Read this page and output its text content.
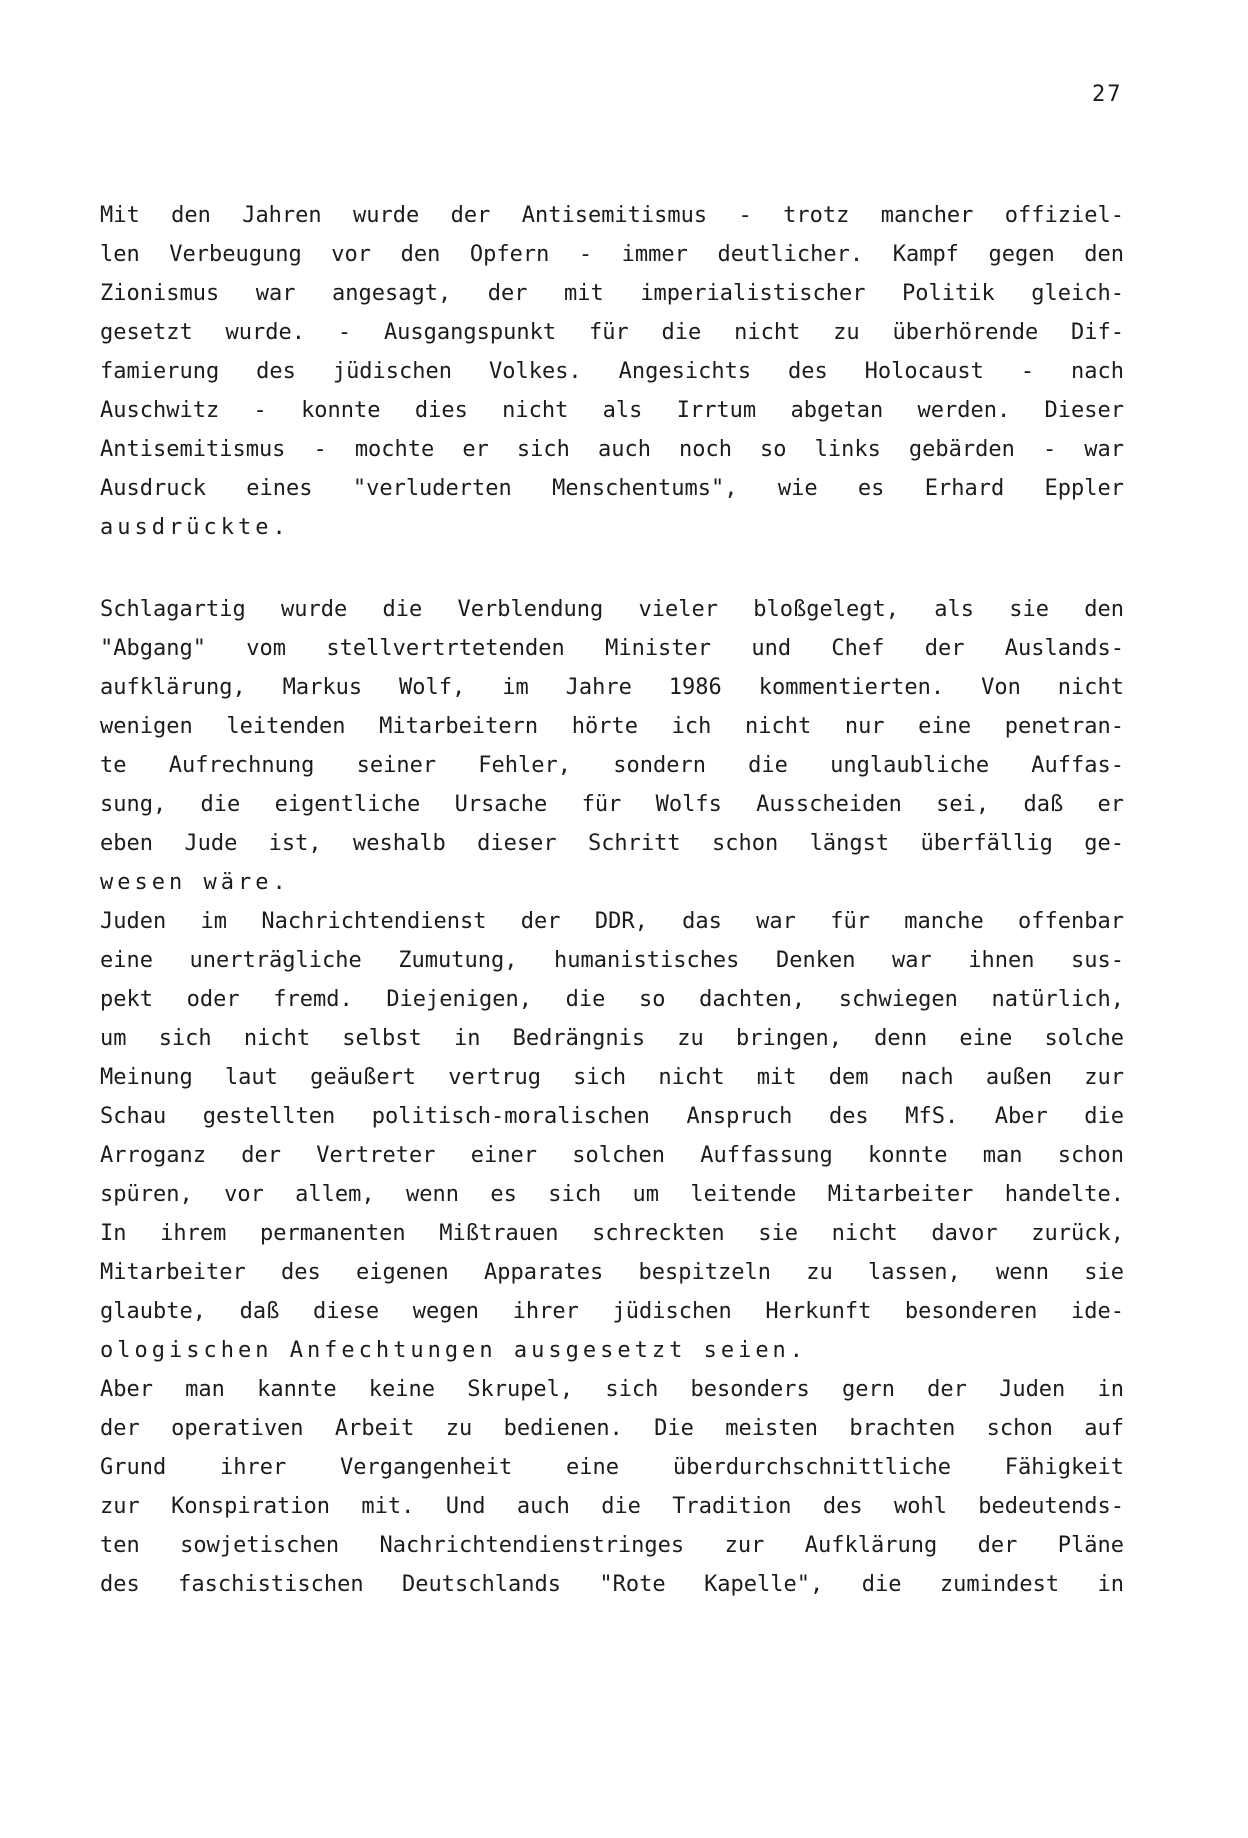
27
Mit den Jahren wurde der Antisemitismus - trotz mancher offiziel-
len Verbeugung vor den Opfern - immer deutlicher. Kampf gegen den
Zionismus war angesagt, der mit imperialistischer Politik gleich-
gesetzt wurde. - Ausgangspunkt für die nicht zu überhörende Dif-
famierung des jüdischen Volkes. Angesichts des Holocaust - nach
Auschwitz - konnte dies nicht als Irrtum abgetan werden. Dieser
Antisemitismus - mochte er sich auch noch so links gebärden - war
Ausdruck eines "verluderten Menschentums", wie es Erhard Eppler
ausdrückte.
Schlagartig wurde die Verblendung vieler bloßgelegt, als sie den
"Abgang" vom stellvertrtetenden Minister und Chef der Auslands-
aufklärung, Markus Wolf, im Jahre 1986 kommentierten. Von nicht
wenigen leitenden Mitarbeitern hörte ich nicht nur eine penetran-
te Aufrechnung seiner Fehler, sondern die unglaubliche Auffas-
sung, die eigentliche Ursache für Wolfs Ausscheiden sei, daß er
eben Jude ist, weshalb dieser Schritt schon längst überfällig ge-
wesen wäre.
Juden im Nachrichtendienst der DDR, das war für manche offenbar
eine unerträgliche Zumutung, humanistisches Denken war ihnen sus-
pekt oder fremd. Diejenigen, die so dachten, schwiegen natürlich,
um sich nicht selbst in Bedrängnis zu bringen, denn eine solche
Meinung laut geäußert vertrug sich nicht mit dem nach außen zur
Schau gestellten politisch-moralischen Anspruch des MfS. Aber die
Arroganz der Vertreter einer solchen Auffassung konnte man schon
spüren, vor allem, wenn es sich um leitende Mitarbeiter handelte.
In ihrem permanenten Mißtrauen schreckten sie nicht davor zurück,
Mitarbeiter des eigenen Apparates bespitzeln zu lassen, wenn sie
glaubte, daß diese wegen ihrer jüdischen Herkunft besonderen ide-
ologischen Anfechtungen ausgesetzt seien.
Aber man kannte keine Skrupel, sich besonders gern der Juden in
der operativen Arbeit zu bedienen. Die meisten brachten schon auf
Grund ihrer Vergangenheit eine überdurchschnittliche Fähigkeit
zur Konspiration mit. Und auch die Tradition des wohl bedeutends-
ten sowjetischen Nachrichtendienstringes zur Aufklärung der Pläne
des faschistischen Deutschlands "Rote Kapelle", die zumindest in
